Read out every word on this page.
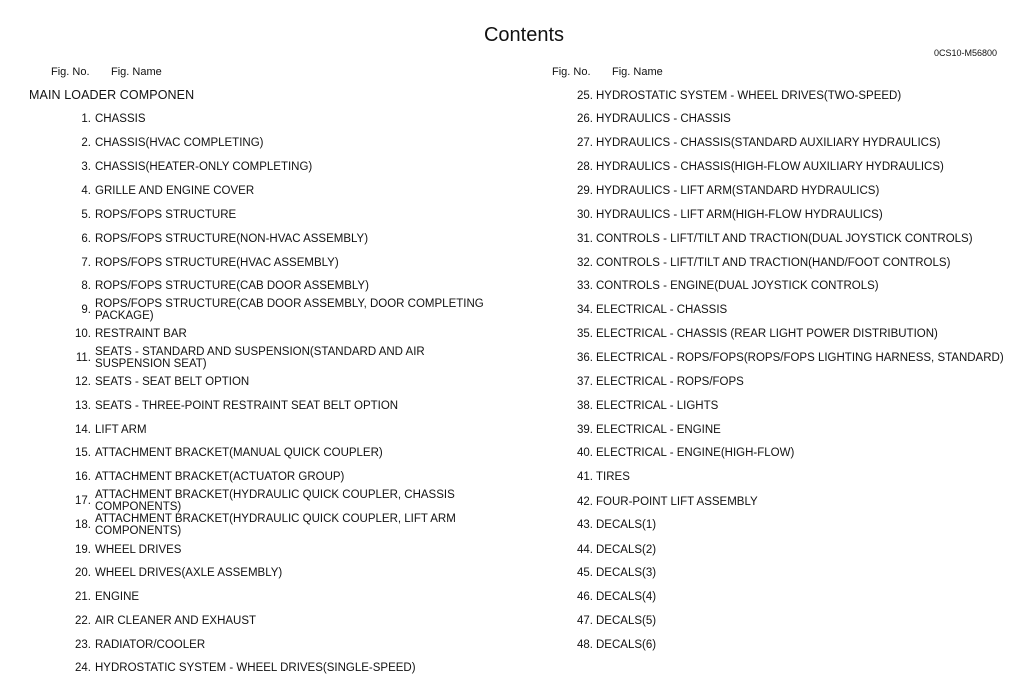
Contents
0CS10-M56800
Fig. No. Fig. Name	Fig. No. Fig. Name
MAIN LOADER COMPONEN
1. CHASSIS
2. CHASSIS(HVAC COMPLETING)
3. CHASSIS(HEATER-ONLY COMPLETING)
4. GRILLE AND ENGINE COVER
5. ROPS/FOPS STRUCTURE
6. ROPS/FOPS STRUCTURE(NON-HVAC ASSEMBLY)
7. ROPS/FOPS STRUCTURE(HVAC ASSEMBLY)
8. ROPS/FOPS STRUCTURE(CAB DOOR ASSEMBLY)
9. ROPS/FOPS STRUCTURE(CAB DOOR ASSEMBLY, DOOR COMPLETING PACKAGE)
10. RESTRAINT BAR
11. SEATS - STANDARD AND SUSPENSION(STANDARD AND AIR SUSPENSION SEAT)
12. SEATS - SEAT BELT OPTION
13. SEATS - THREE-POINT RESTRAINT SEAT BELT OPTION
14. LIFT ARM
15. ATTACHMENT BRACKET(MANUAL QUICK COUPLER)
16. ATTACHMENT BRACKET(ACTUATOR GROUP)
17. ATTACHMENT BRACKET(HYDRAULIC QUICK COUPLER, CHASSIS COMPONENTS)
18. ATTACHMENT BRACKET(HYDRAULIC QUICK COUPLER, LIFT ARM COMPONENTS)
19. WHEEL DRIVES
20. WHEEL DRIVES(AXLE ASSEMBLY)
21. ENGINE
22. AIR CLEANER AND EXHAUST
23. RADIATOR/COOLER
24. HYDROSTATIC SYSTEM - WHEEL DRIVES(SINGLE-SPEED)
25. HYDROSTATIC SYSTEM - WHEEL DRIVES(TWO-SPEED)
26. HYDRAULICS - CHASSIS
27. HYDRAULICS - CHASSIS(STANDARD AUXILIARY HYDRAULICS)
28. HYDRAULICS - CHASSIS(HIGH-FLOW AUXILIARY HYDRAULICS)
29. HYDRAULICS - LIFT ARM(STANDARD HYDRAULICS)
30. HYDRAULICS - LIFT ARM(HIGH-FLOW HYDRAULICS)
31. CONTROLS - LIFT/TILT AND TRACTION(DUAL JOYSTICK CONTROLS)
32. CONTROLS - LIFT/TILT AND TRACTION(HAND/FOOT CONTROLS)
33. CONTROLS - ENGINE(DUAL JOYSTICK CONTROLS)
34. ELECTRICAL - CHASSIS
35. ELECTRICAL - CHASSIS (REAR LIGHT POWER DISTRIBUTION)
36. ELECTRICAL - ROPS/FOPS(ROPS/FOPS LIGHTING HARNESS, STANDARD)
37. ELECTRICAL - ROPS/FOPS
38. ELECTRICAL - LIGHTS
39. ELECTRICAL - ENGINE
40. ELECTRICAL - ENGINE(HIGH-FLOW)
41. TIRES
42. FOUR-POINT LIFT ASSEMBLY
43. DECALS(1)
44. DECALS(2)
45. DECALS(3)
46. DECALS(4)
47. DECALS(5)
48. DECALS(6)
